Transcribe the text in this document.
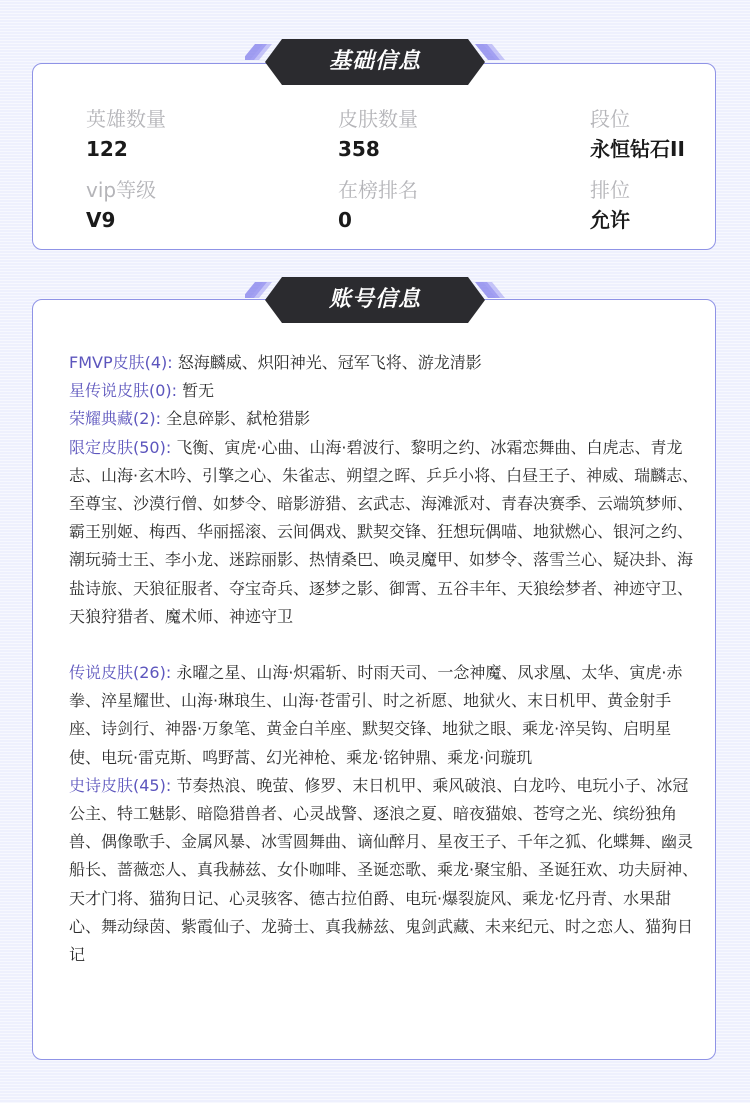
英雄数量
122
皮肤数量
358
段位
永恒钻石II
vip等级
V9
在榜排名
0
排位
允许

FMVP皮肤(4): 怒海麟威、炽阳神光、冠军飞将、游龙清影

星传说皮肤(0): 暂无

荣耀典藏(2): 全息碎影、弑枪猎影

限定皮肤(50): 飞衡、寅虎·心曲、山海·碧波行、黎明之约、冰霜恋舞曲、白虎志、青龙志、山海·玄木吟、引擎之心、朱雀志、朔望之晖、乒乒小将、白昼王子、神威、瑞麟志、至尊宝、沙漠行僧、如梦令、暗影游猎、玄武志、海滩派对、青春决赛季、云端筑梦师、霸王别姬、梅西、华丽摇滚、云间偶戏、默契交锋、狂想玩偶喵、地狱燃心、银河之约、潮玩骑士王、李小龙、迷踪丽影、热情桑巴、唤灵魔甲、如梦令、落雪兰心、疑决卦、海盐诗旅、天狼征服者、夺宝奇兵、逐梦之影、御霄、五谷丰年、天狼绘梦者、神迹守卫、天狼狩猎者、魔术师、神迹守卫

传说皮肤(26): 永曜之星、山海·炽霜斩、时雨天司、一念神魔、凤求凰、太华、寅虎·赤拳、淬星耀世、山海·琳琅生、山海·苍雷引、时之祈愿、地狱火、末日机甲、黄金射手座、诗剑行、神器·万象笔、黄金白羊座、默契交锋、地狱之眼、乘龙·淬吴钩、启明星使、电玩·雷克斯、鸣野蒿、幻光神枪、乘龙·铭钟鼎、乘龙·问璇玑

史诗皮肤(45): 节奏热浪、晚萤、修罗、末日机甲、乘风破浪、白龙吟、电玩小子、冰冠公主、特工魅影、暗隐猎兽者、心灵战警、逐浪之夏、暗夜猫娘、苍穹之光、缤纷独角兽、偶像歌手、金属风暴、冰雪圆舞曲、谪仙醉月、星夜王子、千年之狐、化蝶舞、幽灵船长、蔷薇恋人、真我赫兹、女仆咖啡、圣诞恋歌、乘龙·聚宝船、圣诞狂欢、功夫厨神、天才门将、猫狗日记、心灵骇客、德古拉伯爵、电玩·爆裂旋风、乘龙·忆丹青、水果甜心、舞动绿茵、紫霞仙子、龙骑士、真我赫兹、鬼剑武藏、未来纪元、时之恋人、猫狗日记

基础信息
账号信息
